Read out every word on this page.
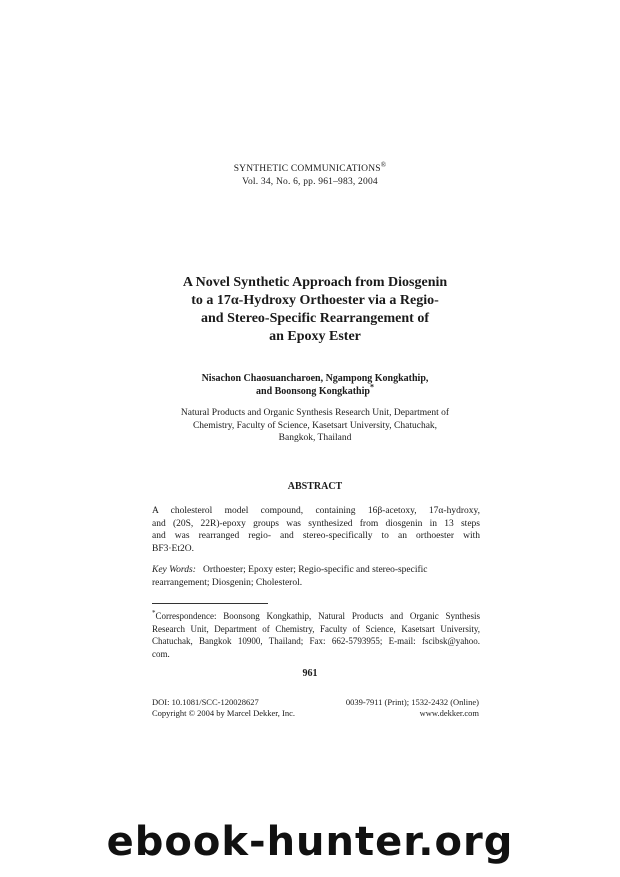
SYNTHETIC COMMUNICATIONS®
Vol. 34, No. 6, pp. 961–983, 2004
A Novel Synthetic Approach from Diosgenin
to a 17α-Hydroxy Orthoester via a Regio-
and Stereo-Specific Rearrangement of
an Epoxy Ester
Nisachon Chaosuancharoen, Ngampong Kongkathip,
and Boonsong Kongkathip*
Natural Products and Organic Synthesis Research Unit, Department of
Chemistry, Faculty of Science, Kasetsart University, Chatuchak,
Bangkok, Thailand
ABSTRACT
A cholesterol model compound, containing 16β-acetoxy, 17α-hydroxy,
and (20S, 22R)-epoxy groups was synthesized from diosgenin in 13 steps
and was rearranged regio- and stereo-specifically to an orthoester with
BF3·Et2O.
Key Words: Orthoester; Epoxy ester; Regio-specific and stereo-specific
rearrangement; Diosgenin; Cholesterol.
*Correspondence: Boonsong Kongkathip, Natural Products and Organic Synthesis
Research Unit, Department of Chemistry, Faculty of Science, Kasetsart University,
Chatuchak, Bangkok 10900, Thailand; Fax: 662-5793955; E-mail: fscibsk@yahoo.
com.
961
DOI: 10.1081/SCC-120028627
Copyright © 2004 by Marcel Dekker, Inc.
0039-7911 (Print); 1532-2432 (Online)
www.dekker.com
ebook-hunter.org
